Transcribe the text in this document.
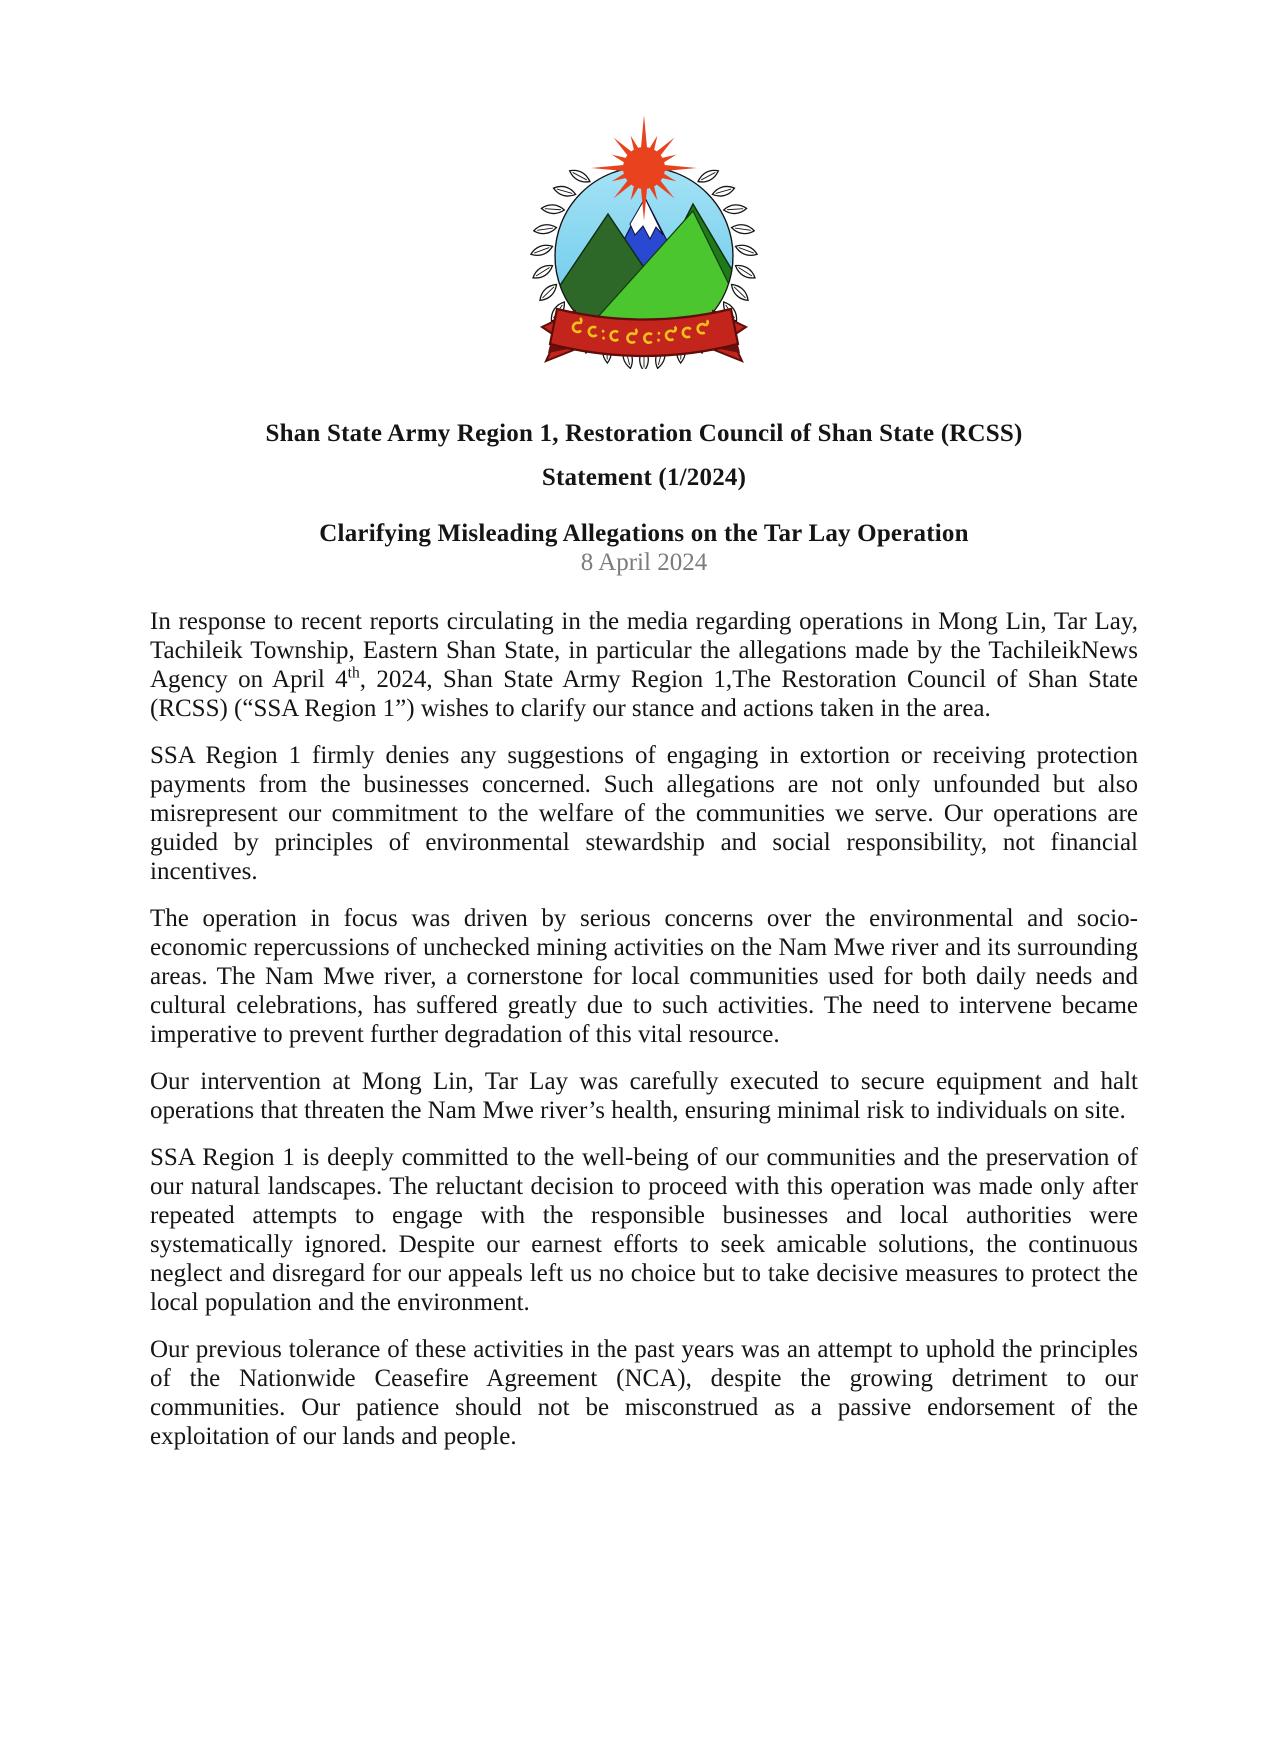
Shan State Army Region 1, Restoration Council of Shan State (RCSS)
Statement (1/2024)
Clarifying Misleading Allegations on the Tar Lay Operation
8 April 2024

In response to recent reports circulating in the media regarding operations in Mong Lin, Tar Lay, Tachileik Township, Eastern Shan State, in particular the allegations made by the TachileikNews Agency on April 4th, 2024, Shan State Army Region 1,The Restoration Council of Shan State (RCSS) (“SSA Region 1”) wishes to clarify our stance and actions taken in the area.

SSA Region 1 firmly denies any suggestions of engaging in extortion or receiving protection payments from the businesses concerned. Such allegations are not only unfounded but also misrepresent our commitment to the welfare of the communities we serve. Our operations are guided by principles of environmental stewardship and social responsibility, not financial incentives.

The operation in focus was driven by serious concerns over the environmental and socio-economic repercussions of unchecked mining activities on the Nam Mwe river and its surrounding areas. The Nam Mwe river, a cornerstone for local communities used for both daily needs and cultural celebrations, has suffered greatly due to such activities. The need to intervene became imperative to prevent further degradation of this vital resource.

Our intervention at Mong Lin, Tar Lay was carefully executed to secure equipment and halt operations that threaten the Nam Mwe river’s health, ensuring minimal risk to individuals on site.

SSA Region 1 is deeply committed to the well-being of our communities and the preservation of our natural landscapes. The reluctant decision to proceed with this operation was made only after repeated attempts to engage with the responsible businesses and local authorities were systematically ignored. Despite our earnest efforts to seek amicable solutions, the continuous neglect and disregard for our appeals left us no choice but to take decisive measures to protect the local population and the environment.

Our previous tolerance of these activities in the past years was an attempt to uphold the principles of the Nationwide Ceasefire Agreement (NCA), despite the growing detriment to our communities. Our patience should not be misconstrued as a passive endorsement of the exploitation of our lands and people.
